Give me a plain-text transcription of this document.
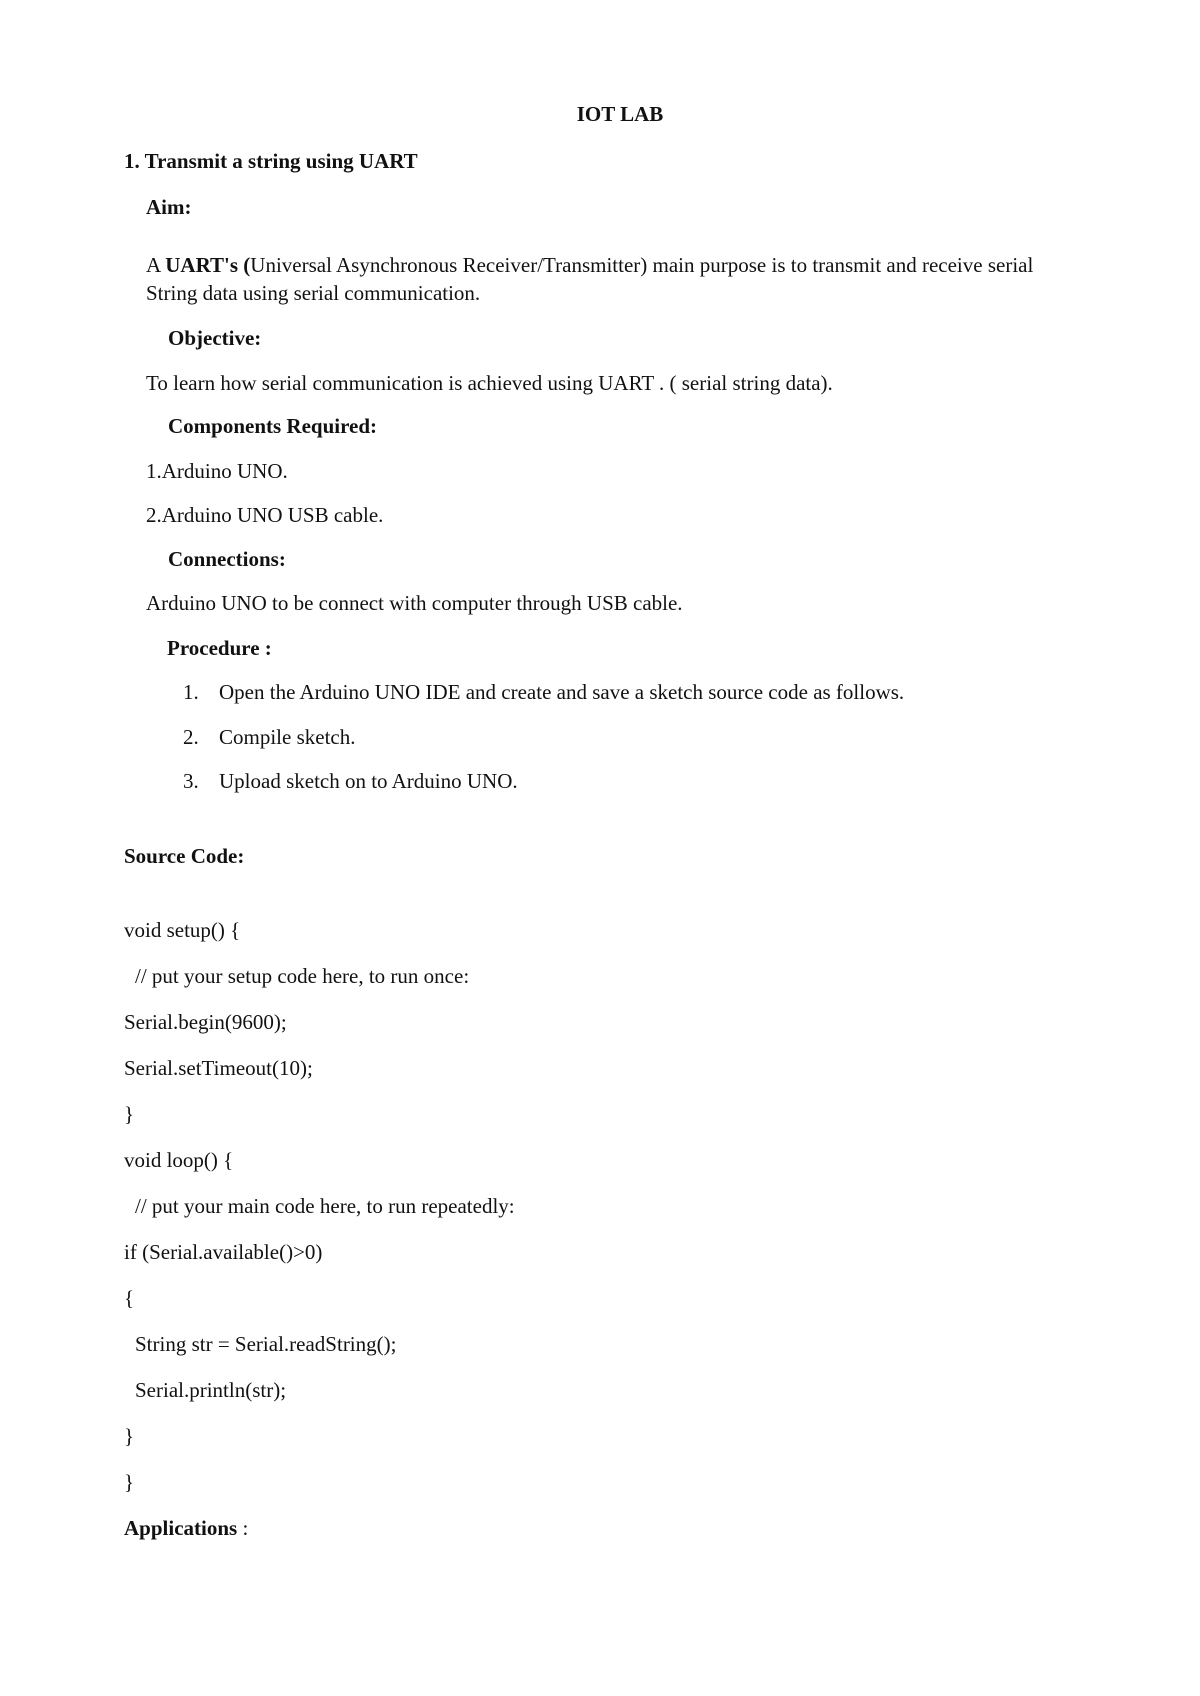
IOT LAB
1. Transmit a string using UART
Aim:
A UART's (Universal Asynchronous Receiver/Transmitter) main purpose is to transmit and receive serial String data using serial communication.
Objective:
To learn how serial communication is achieved using UART . ( serial string data).
Components Required:
1.Arduino UNO.
2.Arduino UNO USB cable.
Connections:
Arduino UNO to be connect with computer through USB cable.
Procedure :
1. Open the Arduino UNO IDE and create and save a sketch source code as follows.
2. Compile sketch.
3. Upload sketch on to Arduino UNO.
Source Code:
void setup() {
// put your setup code here, to run once:
Serial.begin(9600);
Serial.setTimeout(10);
}
void loop() {
// put your main code here, to run repeatedly:
if (Serial.available()>0)
{
String str = Serial.readString();
Serial.println(str);
}
}
Applications :
